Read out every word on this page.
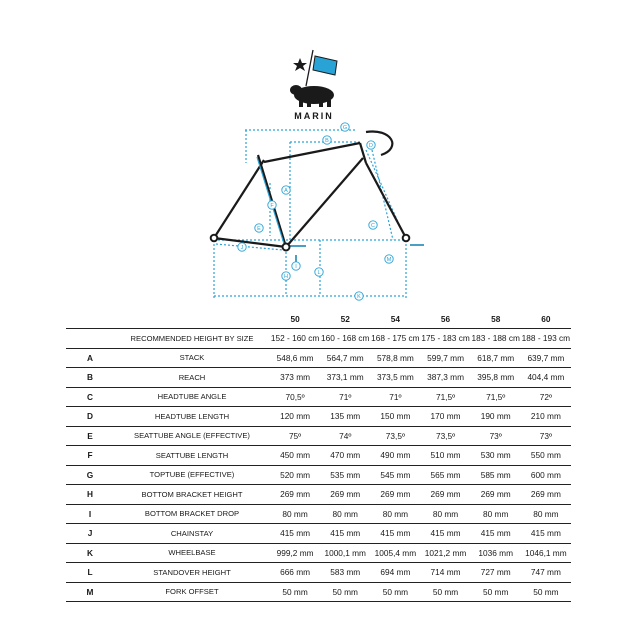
MARIN
A
B
C
D
E
F
G
H
I
J
K
L
M
		50	52	54	56	58	60
	RECOMMENDED HEIGHT BY SIZE	152 - 160 cm	160 - 168 cm	168 - 175 cm	175 - 183 cm	183 - 188 cm	188 - 193 cm
A	STACK	548,6 mm	564,7 mm	578,8 mm	599,7 mm	618,7 mm	639,7 mm
B	REACH	373 mm	373,1 mm	373,5 mm	387,3 mm	395,8 mm	404,4 mm
C	HEADTUBE ANGLE	70,5º	71º	71º	71,5º	71,5º	72º
D	HEADTUBE LENGTH	120 mm	135 mm	150 mm	170 mm	190 mm	210 mm
E	SEATTUBE ANGLE (EFFECTIVE)	75º	74º	73,5º	73,5º	73º	73º
F	SEATTUBE LENGTH	450 mm	470 mm	490 mm	510 mm	530 mm	550 mm
G	TOPTUBE (EFFECTIVE)	520 mm	535 mm	545 mm	565 mm	585 mm	600 mm
H	BOTTOM BRACKET HEIGHT	269 mm	269 mm	269 mm	269 mm	269 mm	269 mm
I	BOTTOM BRACKET DROP	80 mm	80 mm	80 mm	80 mm	80 mm	80 mm
J	CHAINSTAY	415 mm	415 mm	415 mm	415 mm	415 mm	415 mm
K	WHEELBASE	999,2 mm	1000,1 mm	1005,4 mm	1021,2 mm	1036 mm	1046,1 mm
L	STANDOVER HEIGHT	666 mm	583 mm	694 mm	714 mm	727 mm	747 mm
M	FORK OFFSET	50 mm	50 mm	50 mm	50 mm	50 mm	50 mm
